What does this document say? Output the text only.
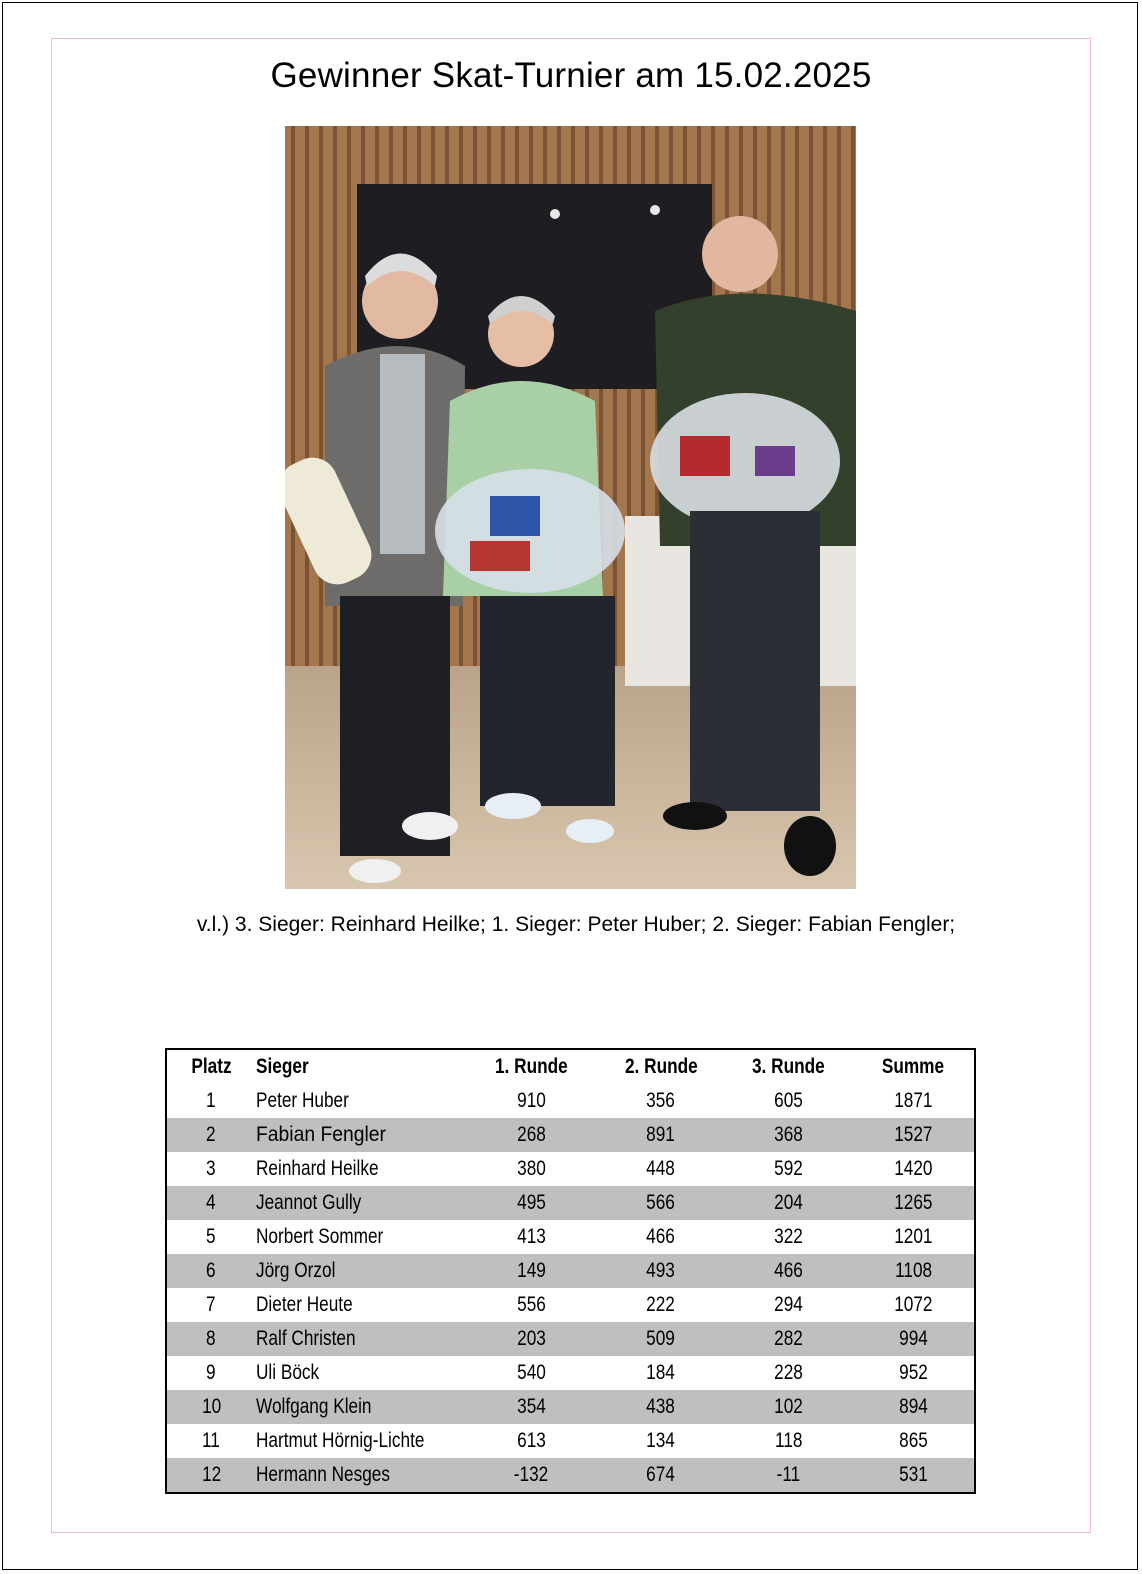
Gewinner Skat-Turnier am 15.02.2025
v.l.) 3. Sieger: Reinhard Heilke; 1. Sieger: Peter Huber; 2. Sieger: Fabian Fengler;
Platz	Sieger	1. Runde	2. Runde	3. Runde	Summe
1	Peter Huber	910	356	605	1871
2	Fabian Fengler	268	891	368	1527
3	Reinhard Heilke	380	448	592	1420
4	Jeannot Gully	495	566	204	1265
5	Norbert Sommer	413	466	322	1201
6	Jörg Orzol	149	493	466	1108
7	Dieter Heute	556	222	294	1072
8	Ralf Christen	203	509	282	994
9	Uli Böck	540	184	228	952
10	Wolfgang Klein	354	438	102	894
11	Hartmut Hörnig-Lichte	613	134	118	865
12	Hermann Nesges	-132	674	-11	531
